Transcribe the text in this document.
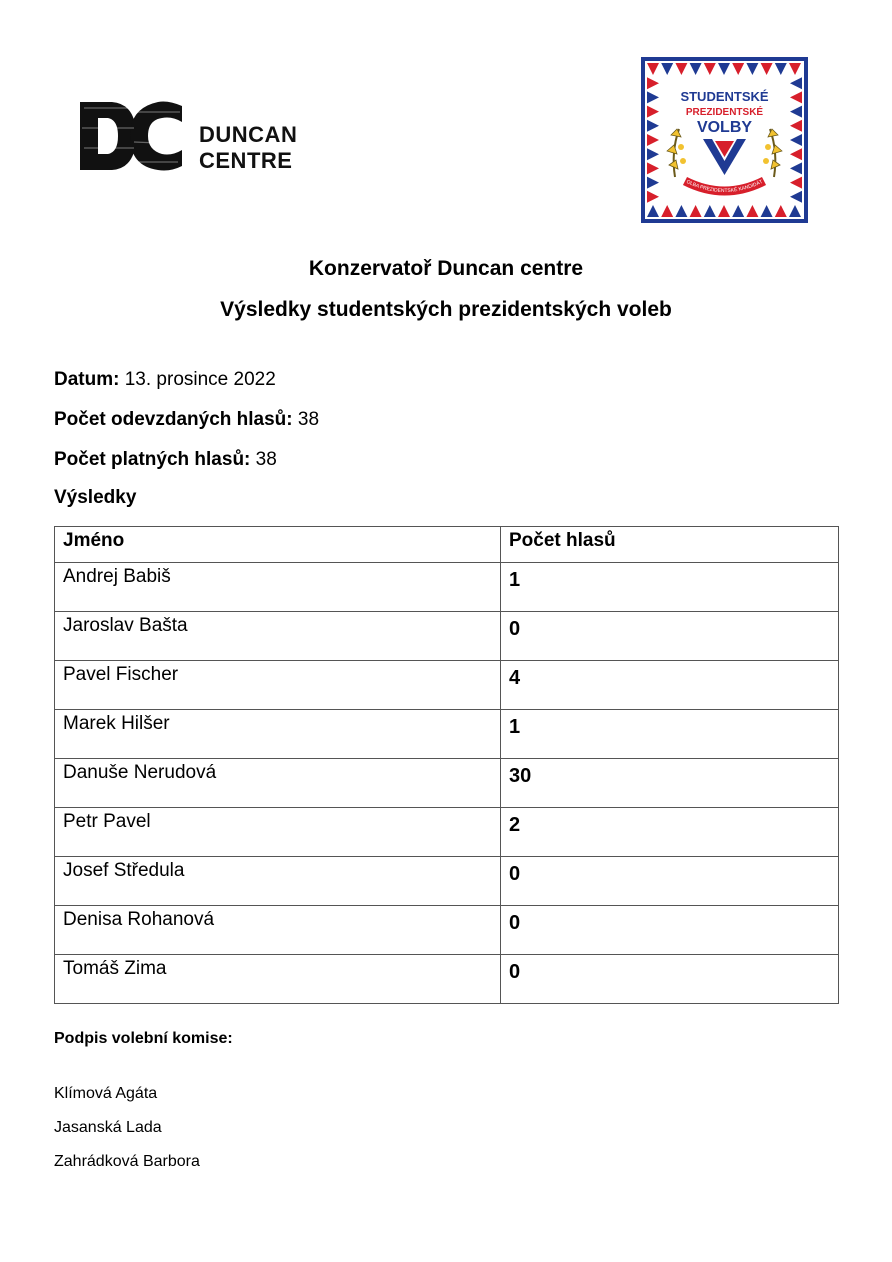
DUNCAN
CENTRE
STUDENTSKÉ
PREZIDENTSKÉ
VOLBY
OLBA PREZIDENTSKÉ KANDIDÁT
Konzervatoř Duncan centre
Výsledky studentských prezidentských voleb
Datum: 13. prosince 2022
Počet odevzdaných hlasů: 38
Počet platných hlasů: 38
Výsledky
Jméno	Počet hlasů
Andrej Babiš	1
Jaroslav Bašta	0
Pavel Fischer	4
Marek Hilšer	1
Danuše Nerudová	30
Petr Pavel	2
Josef Středula	0
Denisa Rohanová	0
Tomáš Zima	0
Podpis volební komise:
Klímová Agáta
Jasanská Lada
Zahrádková Barbora
